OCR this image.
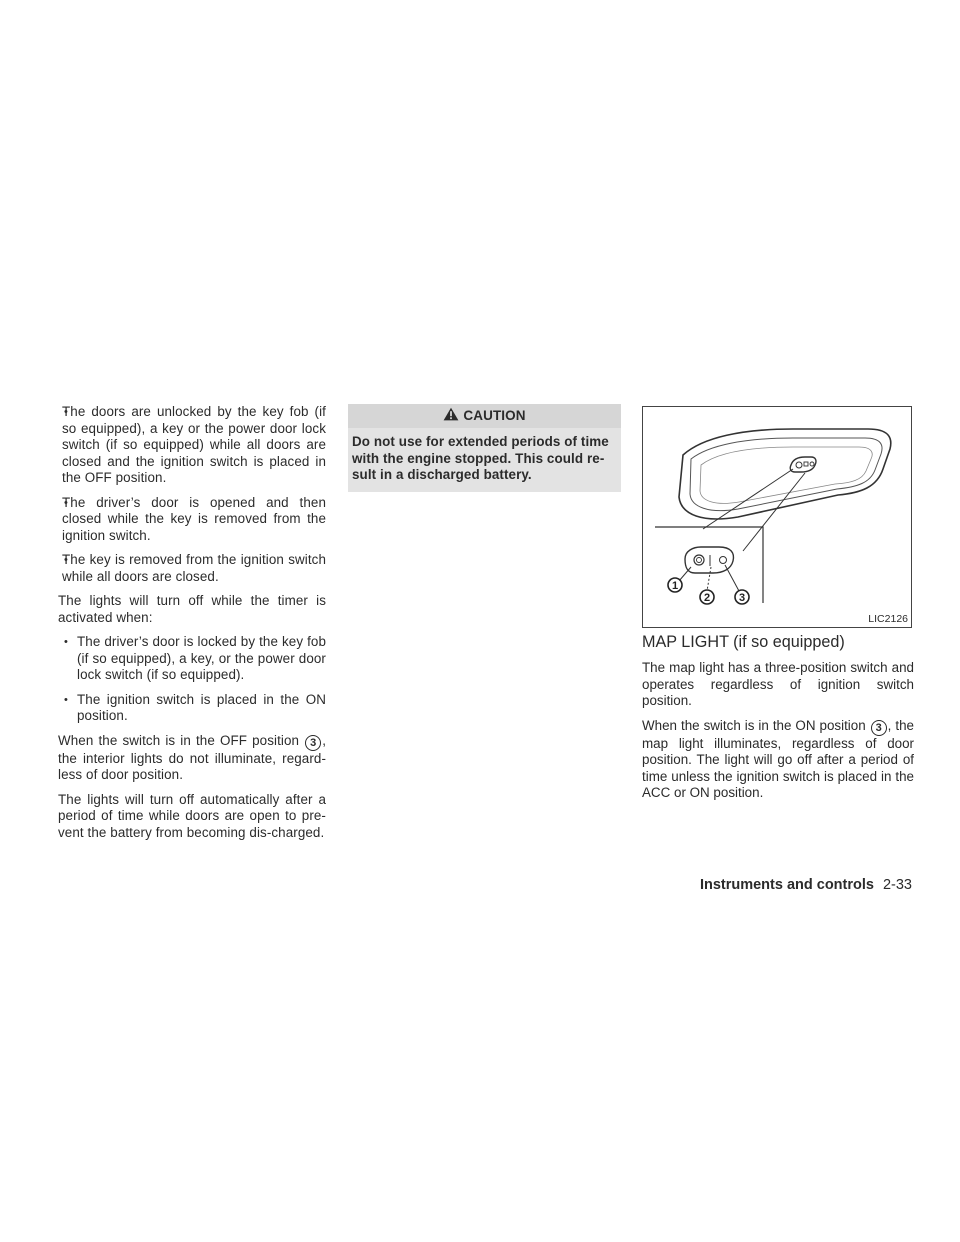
• The doors are unlocked by the key fob (if so equipped), a key or the power door lock switch (if so equipped) while all doors are closed and the ignition switch is placed in the OFF position.

• The driver’s door is opened and then closed while the key is removed from the ignition switch.

• The key is removed from the ignition switch while all doors are closed.

The lights will turn off while the timer is activated when:

• The driver’s door is locked by the key fob (if so equipped), a key, or the power door lock switch (if so equipped).

• The ignition switch is placed in the ON position.

When the switch is in the OFF position 3 , the interior lights do not illuminate, regard-less of door position.

The lights will turn off automatically after a period of time while doors are open to pre-vent the battery from becoming dis-charged.

CAUTION
Do not use for extended periods of time with the engine stopped. This could re-sult in a discharged battery.
1
2	3
LIC2126
MAP LIGHT (if so equipped)

The map light has a three-position switch and operates regardless of ignition switch position.

When the switch is in the ON position 3 , the map light illuminates, regardless of door position. The light will go off after a period of time unless the ignition switch is placed in the ACC or ON position.

Instruments and controls 2-33
